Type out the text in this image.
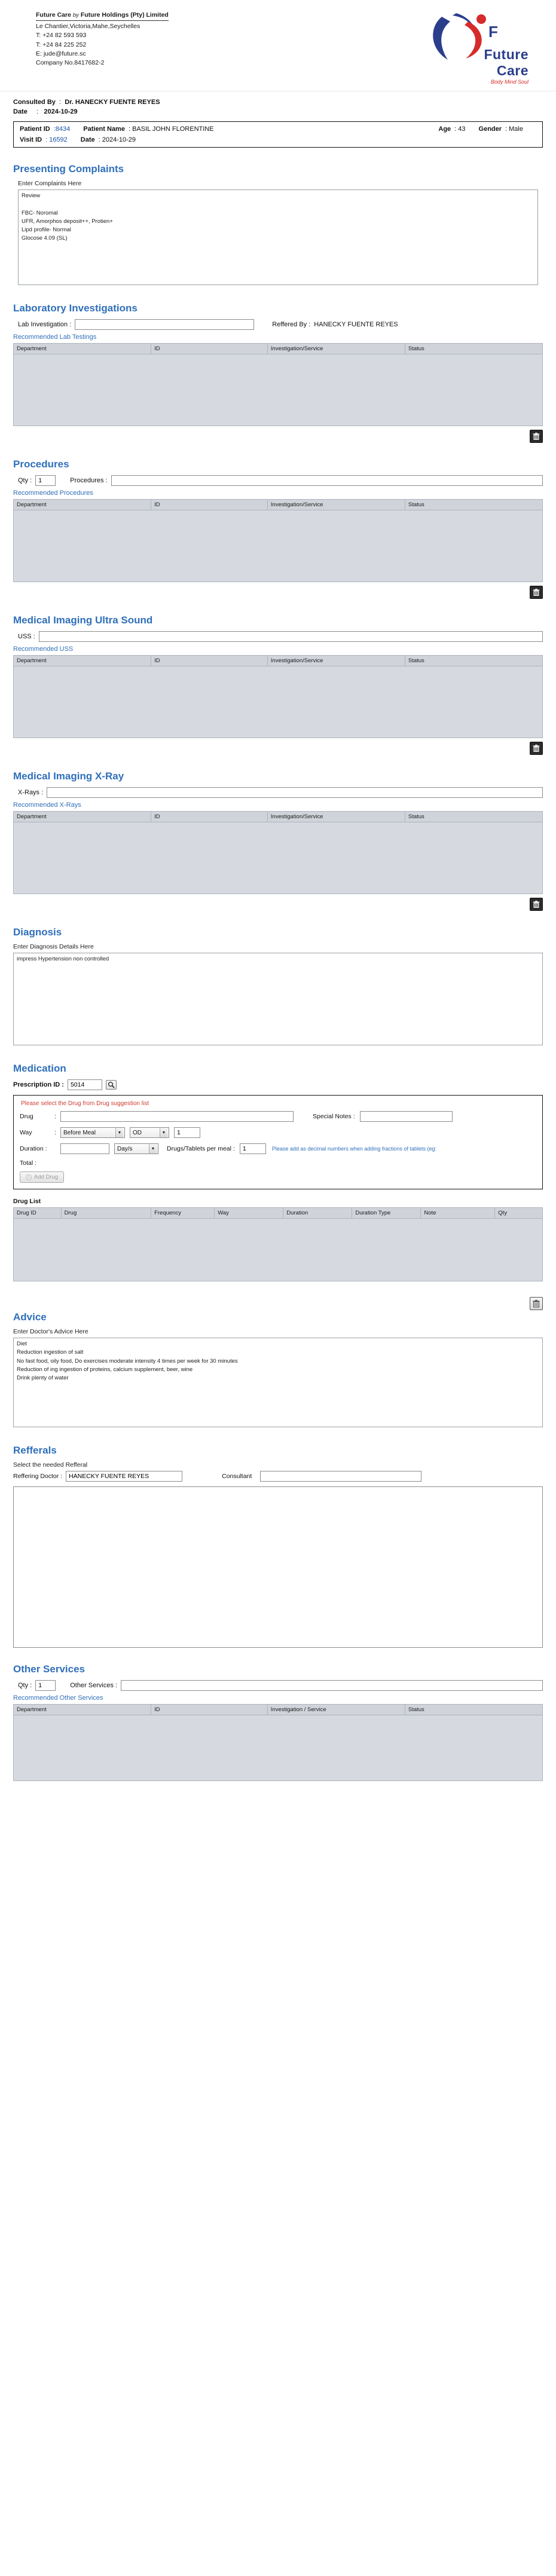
Future Care by Future Holdings (Pty) Limited
Le Chantier,Victoria,Mahe,Seychelles
T: +24 82 593 593
T: +24 84 225 252
E: jude@future.sc
Company No.8417682-2
F
Future
Care
Body Mind Soul
Consulted By  :  Dr. HANECKY FUENTE REYES
Date     :   2024-10-29
Patient ID :8434 Patient Name : BASIL JOHN FLORENTINE	Age : 43 Gender : Male
Visit ID : 16592 Date : 2024-10-29
Presenting Complaints
Enter Complaints Here
Review FBC- Noromal UFR, Amorphos deposit++, Protien+ Lipd profile- Normal Glocose 4.09 (SL)
Laboratory Investigations
Lab Investigation :	Reffered By : HANECKY FUENTE REYES
Recommended Lab Testings
Department	ID	Investigation/Service	Status
Procedures
Qty :
1	Procedures :
Recommended Procedures
Department	ID	Investigation/Service	Status
Medical Imaging Ultra Sound
USS :
Recommended USS
Department	ID	Investigation/Service	Status
Medical Imaging X-Ray
X-Rays :
Recommended X-Rays
Department	ID	Investigation/Service	Status
Diagnosis
Enter Diagnosis Details Here
impress Hypertension non controlled
Medication
Prescription ID :
5014
Please select the Drug from Drug suggestion list
Drug	:	Special Notes :
Way	:	Before Meal	▼ OD	▼
1
Duration :	Day/s	▼ Drugs/Tablets per meal :
1	Please add as decimal numbers when adding fractions of tablets (eg:
Total :
+ Add Drug
Drug List
Drug ID	Drug	Frequency	Way	Duration	Duration Type	Note	Qty
Advice
Enter Doctor's Advice Here
Diet Reduction ingestion of salt No fast food, oily food, Do exercises moderate intensity 4 times per week for 30 minutes Reduction of ing ingestion of proteins, calcium supplement, beer, wine Drink plenty of water
Refferals
Select the needed Refferal
Reffering Doctor :
HANECKY FUENTE REYES	Consultant
Other Services
Qty :
1	Other Services :
Recommended Other Services
Department	ID	Investigation / Service	Status
